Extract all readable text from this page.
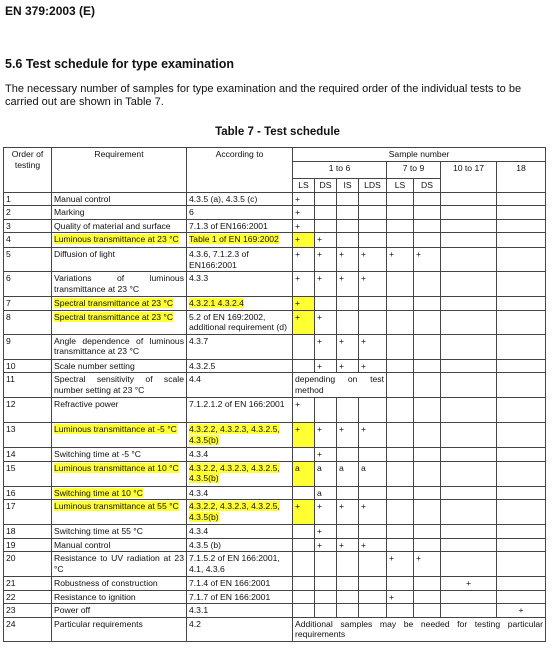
EN 379:2003 (E)
5.6 Test schedule for type examination
The necessary number of samples for type examination and the required order of the individual tests to be carried out are shown in Table 7.
Table 7 - Test schedule
Order of testing	Requirement	According to	Sample number							
			1 to 6				7 to 9		10 to 17	18
			LS	DS	IS	LDS	LS	DS		
1	Manual control	4.3.5 (a), 4.3.5 (c)	+							
2	Marking	6	+							
3	Quality of material and surface	7.1.3 of EN166:2001	+							
4	Luminous transmittance at 23 °C	Table 1 of EN 169:2002	+	+						
5	Diffusion of light	4.3.6, 7.1.2.3 of EN166:2001	+	+	+	+	+	+		
6	Variations of luminous transmittance at 23 °C	4.3.3	+	+	+	+				
7	Spectral transmittance at 23 °C	4.3.2.1 4.3.2.4	+							
8	Spectral transmittance at 23 °C	5.2 of EN 169:2002, additional requirement (d)	+	+						
9	Angle dependence of luminous transmittance at 23 °C	4.3.7		+	+	+				
10	Scale number setting	4.3.2.5		+	+	+				
11	Spectral sensitivity of scale number setting at 23 °C	4.4	depending on test method							
12	Refractive power	7.1.2.1.2 of EN 166:2001	+							
13	Luminous transmittance at -5 °C	4.3.2.2, 4.3.2.3, 4.3.2.5, 4.3.5(b)	+	+	+	+				
14	Switching time at -5 °C	4.3.4		+						
15	Luminous transmittance at 10 °C	4.3.2.2, 4.3.2.3, 4.3.2.5, 4.3.5(b)	a	a	a	a				
16	Switching time at 10 °C	4.3.4		a						
17	Luminous transmittance at 55 °C	4.3.2.2, 4.3.2.3, 4.3.2.5, 4.3.5(b)	+	+	+	+				
18	Switching time at 55 °C	4.3.4		+						
19	Manual control	4.3.5 (b)		+	+	+				
20	Resistance to UV radiation at 23 °C	7.1.5.2 of EN 166:2001, 4.1, 4.3.6					+	+		
21	Robustness of construction	7.1.4 of EN 166:2001							+	
22	Resistance to ignition	7.1.7 of EN 166:2001					+			
23	Power off	4.3.1								+
24	Particular requirements	4.2	Additional samples may be needed for testing particular requirements							
